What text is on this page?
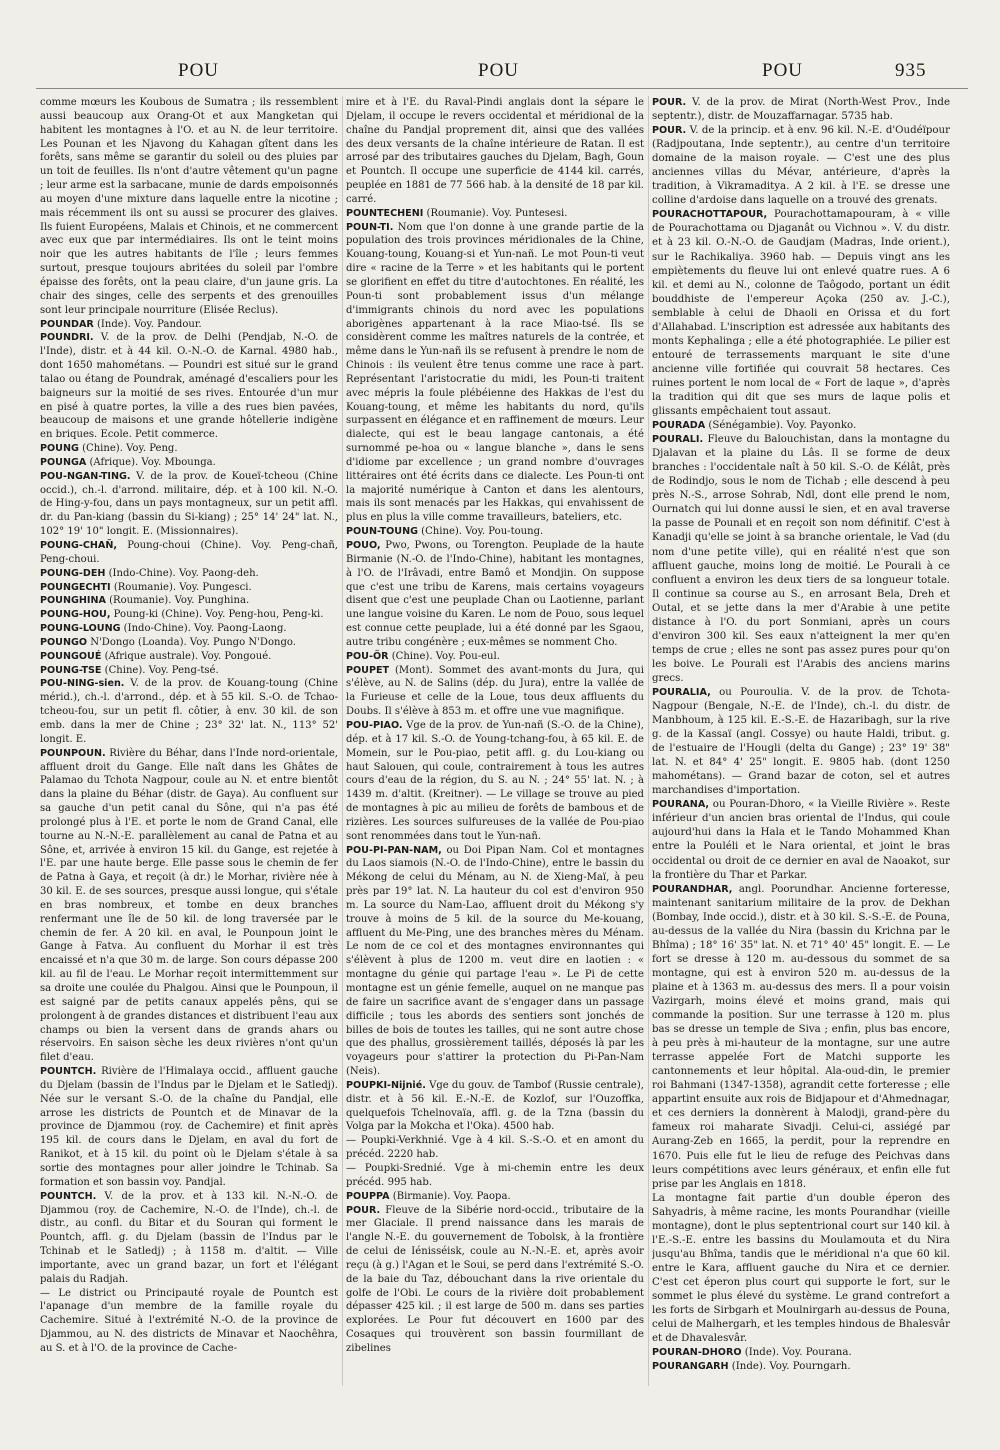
POU	POU	POU	935

comme mœurs les Koubous de Sumatra ; ils ressemblent aussi beaucoup aux Orang-Ot et aux Mangketan qui habitent les montagnes à l'O. et au N. de leur territoire. Les Pounan et les Njavong du Kahagan gîtent dans les forêts, sans même se garantir du soleil ou des pluies par un toit de feuilles. Ils n'ont d'autre vêtement qu'un pagne ; leur arme est la sarbacane, munie de dards empoisonnés au moyen d'une mixture dans laquelle entre la nicotine ; mais récemment ils ont su aussi se procurer des glaives. Ils fuient Européens, Malais et Chinois, et ne commercent avec eux que par intermédiaires. Ils ont le teint moins noir que les autres habitants de l'île ; leurs femmes surtout, presque toujours abritées du soleil par l'ombre épaisse des forêts, ont la peau claire, d'un jaune gris. La chair des singes, celle des serpents et des grenouilles sont leur principale nourriture (Elisée Reclus).

POUNDAR (Inde). Voy. Pandour.

POUNDRI. V. de la prov. de Delhi (Pendjab, N.-O. de l'Inde), distr. et à 44 kil. O.-N.-O. de Karnal. 4980 hab., dont 1650 mahométans. — Poundri est situé sur le grand talao ou étang de Poundrak, aménagé d'escaliers pour les baigneurs sur la moitié de ses rives. Entourée d'un mur en pisé à quatre portes, la ville a des rues bien pavées, beaucoup de maisons et une grande hôtellerie indigène en briques. Ecole. Petit commerce.

POUNG (Chine). Voy. Peng.

POUNGA (Afrique). Voy. Mbounga.

POU-NGAN-TING. V. de la prov. de Koueï-tcheou (Chine occid.), ch.-l. d'arrond. militaire, dép. et à 100 kil. N.-O. de Hing-y-fou, dans un pays montagneux, sur un petit affl. dr. du Pan-kiang (bassin du Si-kiang) ; 25° 14' 24" lat. N., 102° 19' 10" longit. E. (Missionnaires).

POUNG-CHAÑ, Poung-choui (Chine). Voy. Peng-chañ, Peng-choui.

POUNG-DEH (Indo-Chine). Voy. Paong-deh.

POUNGECHTI (Roumanie). Voy. Pungesci.

POUNGHINA (Roumanie). Voy. Punghina.

POUNG-HOU, Poung-ki (Chine). Voy. Peng-hou, Peng-ki.

POUNG-LOUNG (Indo-Chine). Voy. Paong-Laong.

POUNGO N'Dongo (Loanda). Voy. Pungo N'Dongo.

POUNGOUÉ (Afrique australe). Voy. Pongoué.

POUNG-TSE (Chine). Voy. Peng-tsé.

POU-NING-sien. V. de la prov. de Kouang-toung (Chine mérid.), ch.-l. d'arrond., dép. et à 55 kil. S.-O. de Tchao-tcheou-fou, sur un petit fl. côtier, à env. 30 kil. de son emb. dans la mer de Chine ; 23° 32' lat. N., 113° 52' longit. E.

POUNPOUN. Rivière du Béhar, dans l'Inde nord-orientale, affluent droit du Gange. Elle naît dans les Ghâtes de Palamao du Tchota Nagpour, coule au N. et entre bientôt dans la plaine du Béhar (distr. de Gaya). Au confluent sur sa gauche d'un petit canal du Sône, qui n'a pas été prolongé plus à l'E. et porte le nom de Grand Canal, elle tourne au N.-N.-E. parallèlement au canal de Patna et au Sône, et, arrivée à environ 15 kil. du Gange, est rejetée à l'E. par une haute berge. Elle passe sous le chemin de fer de Patna à Gaya, et reçoit (à dr.) le Morhar, rivière née à 30 kil. E. de ses sources, presque aussi longue, qui s'étale en bras nombreux, et tombe en deux branches renfermant une île de 50 kil. de long traversée par le chemin de fer. A 20 kil. en aval, le Pounpoun joint le Gange à Fatva. Au confluent du Morhar il est très encaissé et n'a que 30 m. de large. Son cours dépasse 200 kil. au fil de l'eau. Le Morhar reçoit intermittemment sur sa droite une coulée du Phalgou. Ainsi que le Pounpoun, il est saigné par de petits canaux appelés pêns, qui se prolongent à de grandes distances et distribuent l'eau aux champs ou bien la versent dans de grands ahars ou réservoirs. En saison sèche les deux rivières n'ont qu'un filet d'eau.

POUNTCH. Rivière de l'Himalaya occid., affluent gauche du Djelam (bassin de l'Indus par le Djelam et le Satledj). Née sur le versant S.-O. de la chaîne du Pandjal, elle arrose les districts de Pountch et de Minavar de la province de Djammou (roy. de Cachemire) et finit après 195 kil. de cours dans le Djelam, en aval du fort de Ranikot, et à 15 kil. du point où le Djelam s'étale à sa sortie des montagnes pour aller joindre le Tchinab. Sa formation et son bassin voy. Pandjal.

POUNTCH. V. de la prov. et à 133 kil. N.-N.-O. de Djammou (roy. de Cachemire, N.-O. de l'Inde), ch.-l. de distr., au confl. du Bitar et du Souran qui forment le Pountch, affl. g. du Djelam (bassin de l'Indus par le Tchinab et le Satledj) ; à 1158 m. d'altit. — Ville importante, avec un grand bazar, un fort et l'élégant palais du Radjah.

— Le district ou Principauté royale de Pountch est l'apanage d'un membre de la famille royale du Cachemire. Situé à l'extrémité N.-O. de la province de Djammou, au N. des districts de Minavar et Naochêhra, au S. et à l'O. de la province de Cache-

mire et à l'E. du Raval-Pindi anglais dont la sépare le Djelam, il occupe le revers occidental et méridional de la chaîne du Pandjal proprement dit, ainsi que des vallées des deux versants de la chaîne intérieure de Ratan. Il est arrosé par des tributaires gauches du Djelam, Bagh, Goun et Pountch. Il occupe une superficie de 4144 kil. carrés, peuplée en 1881 de 77 566 hab. à la densité de 18 par kil. carré.

POUNTECHENI (Roumanie). Voy. Puntesesi.

POUN-TI. Nom que l'on donne à une grande partie de la population des trois provinces méridionales de la Chine, Kouang-toung, Kouang-si et Yun-nañ. Le mot Poun-ti veut dire « racine de la Terre » et les habitants qui le portent se glorifient en effet du titre d'autochtones. En réalité, les Poun-ti sont probablement issus d'un mélange d'immigrants chinois du nord avec les populations aborigènes appartenant à la race Miao-tsé. Ils se considèrent comme les maîtres naturels de la contrée, et même dans le Yun-nañ ils se refusent à prendre le nom de Chinois : ils veulent être tenus comme une race à part. Représentant l'aristocratie du midi, les Poun-ti traitent avec mépris la foule plébéienne des Hakkas de l'est du Kouang-toung, et même les habitants du nord, qu'ils surpassent en élégance et en raffinement de mœurs. Leur dialecte, qui est le beau langage cantonais, a été surnommé pe-hoa ou « langue blanche », dans le sens d'idiome par excellence ; un grand nombre d'ouvrages littéraires ont été écrits dans ce dialecte. Les Poun-ti ont la majorité numérique à Canton et dans les alentours, mais ils sont menacés par les Hakkas, qui envahissent de plus en plus la ville comme travailleurs, bateliers, etc.

POUN-TOUNG (Chine). Voy. Pou-toung.

POUO, Pwo, Pwons, ou Torengton. Peuplade de la haute Birmanie (N.-O. de l'Indo-Chine), habitant les montagnes, à l'O. de l'Irâvadi, entre Bamô et Mondjin. On suppose que c'est une tribu de Karens, mais certains voyageurs disent que c'est une peuplade Chan ou Laotienne, parlant une langue voisine du Karen. Le nom de Pouo, sous lequel est connue cette peuplade, lui a été donné par les Sgaou, autre tribu congénère ; eux-mêmes se nomment Cho.

POU-ÖR (Chine). Voy. Pou-eul.

POUPET (Mont). Sommet des avant-monts du Jura, qui s'élève, au N. de Salins (dép. du Jura), entre la vallée de la Furieuse et celle de la Loue, tous deux affluents du Doubs. Il s'élève à 853 m. et offre une vue magnifique.

POU-PIAO. Vge de la prov. de Yun-nañ (S.-O. de la Chine), dép. et à 17 kil. S.-O. de Young-tchang-fou, à 65 kil. E. de Momein, sur le Pou-piao, petit affl. g. du Lou-kiang ou haut Salouen, qui coule, contrairement à tous les autres cours d'eau de la région, du S. au N. ; 24° 55' lat. N. ; à 1439 m. d'altit. (Kreitner). — Le village se trouve au pied de montagnes à pic au milieu de forêts de bambous et de rizières. Les sources sulfureuses de la vallée de Pou-piao sont renommées dans tout le Yun-nañ.

POU-PI-PAN-NAM, ou Doi Pipan Nam. Col et montagnes du Laos siamois (N.-O. de l'Indo-Chine), entre le bassin du Mékong de celui du Ménam, au N. de Xieng-Maï, à peu près par 19° lat. N. La hauteur du col est d'environ 950 m. La source du Nam-Lao, affluent droit du Mékong s'y trouve à moins de 5 kil. de la source du Me-kouang, affluent du Me-Ping, une des branches mères du Ménam. Le nom de ce col et des montagnes environnantes qui s'élèvent à plus de 1200 m. veut dire en laotien : « montagne du génie qui partage l'eau ». Le Pi de cette montagne est un génie femelle, auquel on ne manque pas de faire un sacrifice avant de s'engager dans un passage difficile ; tous les abords des sentiers sont jonchés de billes de bois de toutes les tailles, qui ne sont autre chose que des phallus, grossièrement taillés, déposés là par les voyageurs pour s'attirer la protection du Pi-Pan-Nam (Neis).

POUPKI-Nijnié. Vge du gouv. de Tambof (Russie centrale), distr. et à 56 kil. E.-N.-E. de Kozlof, sur l'Ouzoffka, quelquefois Tchelnovaïa, affl. g. de la Tzna (bassin du Volga par la Mokcha et l'Oka). 4500 hab.

— Poupki-Verkhnié. Vge à 4 kil. S.-S.-O. et en amont du précéd. 2220 hab.

— Poupki-Srednié. Vge à mi-chemin entre les deux précéd. 995 hab.

POUPPA (Birmanie). Voy. Paopa.

POUR. Fleuve de la Sibérie nord-occid., tributaire de la mer Glaciale. Il prend naissance dans les marais de l'angle N.-E. du gouvernement de Tobolsk, à la frontière de celui de Iénisséisk, coule au N.-N.-E. et, après avoir reçu (à g.) l'Agan et le Soui, se perd dans l'extrémité S.-O. de la baie du Taz, débouchant dans la rive orientale du golfe de l'Obi. Le cours de la rivière doit probablement dépasser 425 kil. ; il est large de 500 m. dans ses parties explorées. Le Pour fut découvert en 1600 par des Cosaques qui trouvèrent son bassin fourmillant de zibelines

POUR. V. de la prov. de Mirat (North-West Prov., Inde septentr.), distr. de Mouzaffarnagar. 5735 hab.

POUR. V. de la princip. et à env. 96 kil. N.-E. d'Oudéïpour (Radjpoutana, Inde septentr.), au centre d'un territoire domaine de la maison royale. — C'est une des plus anciennes villas du Mévar, antérieure, d'après la tradition, à Vikramaditya. A 2 kil. à l'E. se dresse une colline d'ardoise dans laquelle on a trouvé des grenats.

POURACHOTTAPOUR, Pourachottamapouram, à « ville de Pourachottama ou Djaganât ou Vichnou ». V. du distr. et à 23 kil. O.-N.-O. de Gaudjam (Madras, Inde orient.), sur le Rachikaliya. 3960 hab. — Depuis vingt ans les empiètements du fleuve lui ont enlevé quatre rues. A 6 kil. et demi au N., colonne de Taôgodo, portant un édit bouddhiste de l'empereur Açoka (250 av. J.-C.), semblable à celui de Dhaoli en Orissa et du fort d'Allahabad. L'inscription est adressée aux habitants des monts Kephalinga ; elle a été photographiée. Le pilier est entouré de terrassements marquant le site d'une ancienne ville fortifiée qui couvrait 58 hectares. Ces ruines portent le nom local de « Fort de laque », d'après la tradition qui dit que ses murs de laque polis et glissants empêchaient tout assaut.

POURADA (Sénégambie). Voy. Payonko.

POURALI. Fleuve du Balouchistan, dans la montagne du Djalavan et la plaine du Lâs. Il se forme de deux branches : l'occidentale naît à 50 kil. S.-O. de Kélât, près de Rodindjo, sous le nom de Tichab ; elle descend à peu près N.-S., arrose Sohrab, Ndl, dont elle prend le nom, Ournatch qui lui donne aussi le sien, et en aval traverse la passe de Pounali et en reçoit son nom définitif. C'est à Kanadji qu'elle se joint à sa branche orientale, le Vad (du nom d'une petite ville), qui en réalité n'est que son affluent gauche, moins long de moitié. Le Pourali à ce confluent a environ les deux tiers de sa longueur totale. Il continue sa course au S., en arrosant Bela, Dreh et Outal, et se jette dans la mer d'Arabie à une petite distance à l'O. du port Sonmiani, après un cours d'environ 300 kil. Ses eaux n'atteignent la mer qu'en temps de crue ; elles ne sont pas assez pures pour qu'on les boive. Le Pourali est l'Arabis des anciens marins grecs.

POURALIA, ou Pouroulia. V. de la prov. de Tchota-Nagpour (Bengale, N.-E. de l'Inde), ch.-l. du distr. de Manbhoum, à 125 kil. E.-S.-E. de Hazaribagh, sur la rive g. de la Kassaï (angl. Cossye) ou haute Haldi, tribut. g. de l'estuaire de l'Hougli (delta du Gange) ; 23° 19' 38" lat. N. et 84° 4' 25" longit. E. 9805 hab. (dont 1250 mahométans). — Grand bazar de coton, sel et autres marchandises d'importation.

POURANA, ou Pouran-Dhoro, « la Vieille Rivière ». Reste inférieur d'un ancien bras oriental de l'Indus, qui coule aujourd'hui dans la Hala et le Tando Mohammed Khan entre la Pouléli et le Nara oriental, et joint le bras occidental ou droit de ce dernier en aval de Naoakot, sur la frontière du Thar et Parkar.

POURANDHAR, angl. Poorundhar. Ancienne forteresse, maintenant sanitarium militaire de la prov. de Dekhan (Bombay, Inde occid.), distr. et à 30 kil. S.-S.-E. de Pouna, au-dessus de la vallée du Nira (bassin du Krichna par le Bhîma) ; 18° 16' 35" lat. N. et 71° 40' 45" longit. E. — Le fort se dresse à 120 m. au-dessous du sommet de sa montagne, qui est à environ 520 m. au-dessus de la plaine et à 1363 m. au-dessus des mers. Il a pour voisin Vazirgarh, moins élevé et moins grand, mais qui commande la position. Sur une terrasse à 120 m. plus bas se dresse un temple de Siva ; enfin, plus bas encore, à peu près à mi-hauteur de la montagne, sur une autre terrasse appelée Fort de Matchi supporte les cantonnements et leur hôpital. Ala-oud-din, le premier roi Bahmani (1347-1358), agrandit cette forteresse ; elle appartint ensuite aux rois de Bidjapour et d'Ahmednagar, et ces derniers la donnèrent à Malodji, grand-père du fameux roi maharate Sivadji. Celui-ci, assiégé par Aurang-Zeb en 1665, la perdit, pour la reprendre en 1670. Puis elle fut le lieu de refuge des Peichvas dans leurs compétitions avec leurs généraux, et enfin elle fut prise par les Anglais en 1818.

La montagne fait partie d'un double éperon des Sahyadris, à même racine, les monts Pourandhar (vieille montagne), dont le plus septentrional court sur 140 kil. à l'E.-S.-E. entre les bassins du Moulamouta et du Nira jusqu'au Bhîma, tandis que le méridional n'a que 60 kil. entre le Kara, affluent gauche du Nira et ce dernier. C'est cet éperon plus court qui supporte le fort, sur le sommet le plus élevé du système. Le grand contrefort a les forts de Sirbgarh et Moulnirgarh au-dessus de Pouna, celui de Malhergarh, et les temples hindous de Bhalesvâr et de Dhavalesvâr.

POURAN-DHORO (Inde). Voy. Pourana.

POURANGARH (Inde). Voy. Pourngarh.
